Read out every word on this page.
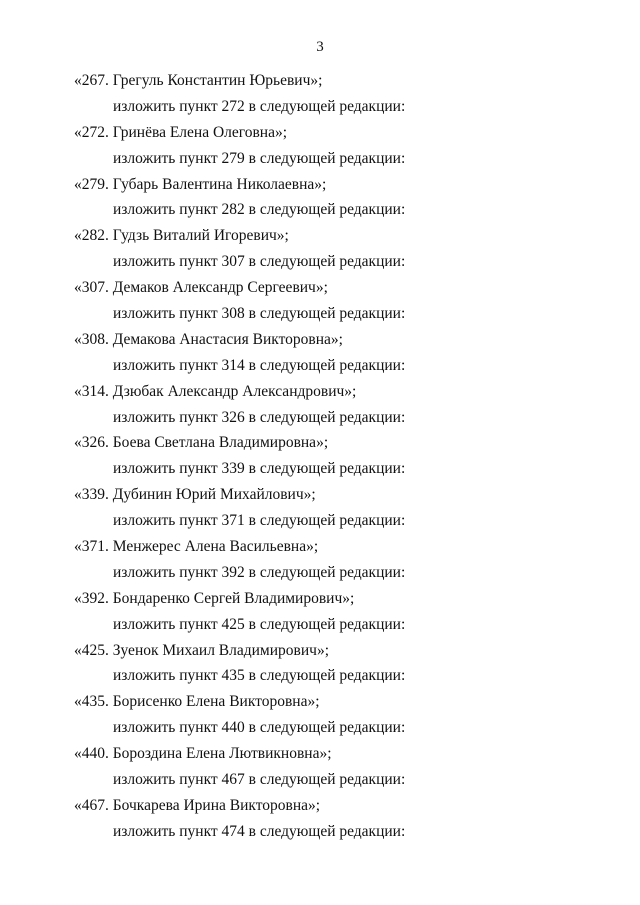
3
«267. Грегуль Константин Юрьевич»;
изложить пункт 272 в следующей редакции:
«272. Гринёва Елена Олеговна»;
изложить пункт 279 в следующей редакции:
«279. Губарь Валентина Николаевна»;
изложить пункт 282 в следующей редакции:
«282. Гудзь Виталий Игоревич»;
изложить пункт 307 в следующей редакции:
«307. Демаков Александр Сергеевич»;
изложить пункт 308 в следующей редакции:
«308. Демакова Анастасия Викторовна»;
изложить пункт 314 в следующей редакции:
«314. Дзюбак Александр Александрович»;
изложить пункт 326 в следующей редакции:
«326. Боева Светлана Владимировна»;
изложить пункт 339 в следующей редакции:
«339. Дубинин Юрий Михайлович»;
изложить пункт 371 в следующей редакции:
«371. Менжерес Алена Васильевна»;
изложить пункт 392 в следующей редакции:
«392. Бондаренко Сергей Владимирович»;
изложить пункт 425 в следующей редакции:
«425. Зуенок Михаил Владимирович»;
изложить пункт 435 в следующей редакции:
«435. Борисенко Елена Викторовна»;
изложить пункт 440 в следующей редакции:
«440. Бороздина Елена Лютвикновна»;
изложить пункт 467 в следующей редакции:
«467. Бочкарева Ирина Викторовна»;
изложить пункт 474 в следующей редакции:
